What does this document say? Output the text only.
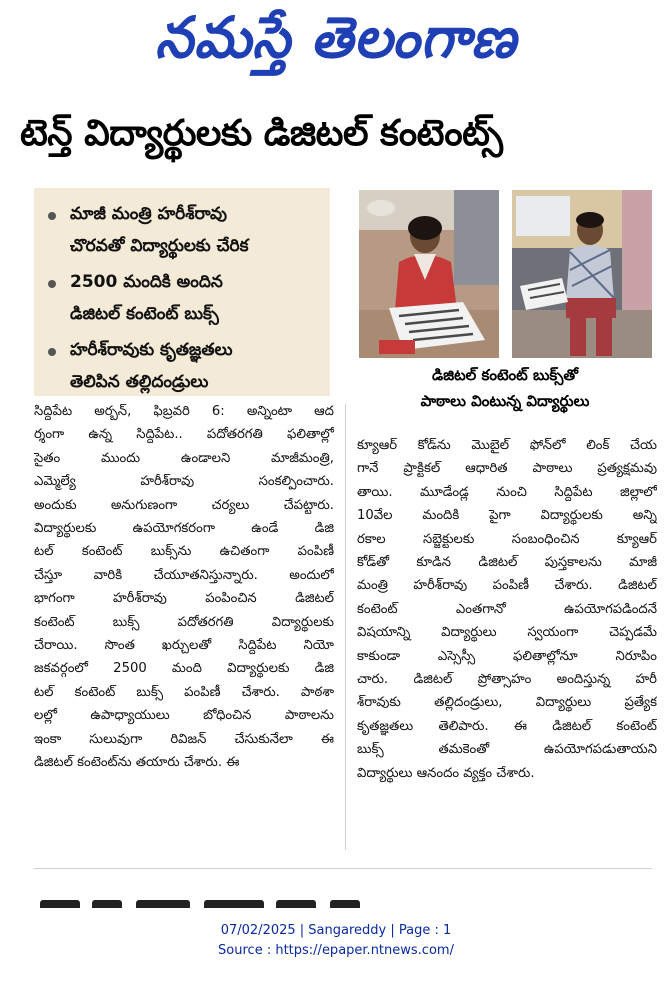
నమస్తే తెలంగాణ
టెన్త్ విద్యార్థులకు డిజిటల్ కంటెంట్స్
మాజీ మంత్రి హరీశ్‌రావు
చొరవతో విద్యార్థులకు చేరిక
2500 మందికి అందిన
డిజిటల్ కంటెంట్ బుక్స్
హరీశ్‌రావుకు కృతజ్ఞతలు
తెలిపిన తల్లిదండ్రులు	డిజిటల్ కంటెంట్ బుక్స్‌తో
పాఠాలు వింటున్న విద్యార్థులు
సిద్దిపేట అర్బన్, ఫిబ్రవరి 6: అన్నింటా ఆద
ర్శంగా ఉన్న సిద్దిపేట.. పదోతరగతి ఫలితాల్లో
సైతం ముందు ఉండాలని మాజీమంత్రి,
ఎమ్మెల్యే హరీశ్‌రావు సంకల్పించారు.
అందుకు అనుగుణంగా చర్యలు చేపట్టారు.
విద్యార్థులకు ఉపయోగకరంగా ఉండే డిజి
టల్ కంటెంట్ బుక్స్‌ను ఉచితంగా పంపిణీ
చేస్తూ వారికి చేయూతనిస్తున్నారు. అందులో
భాగంగా హరీశ్‌రావు పంపించిన డిజిటల్
కంటెంట్ బుక్స్ పదోతరగతి విద్యార్థులకు
చేరాయి. సొంత ఖర్చులతో సిద్దిపేట నియో
జకవర్గంలో 2500 మంది విద్యార్థులకు డిజి
టల్ కంటెంట్ బుక్స్ పంపిణీ చేశారు. పాఠశా
లల్లో ఉపాధ్యాయులు బోధించిన పాఠాలను
ఇంకా సులువుగా రివిజన్ చేసుకునేలా ఈ
డిజిటల్ కంటెంట్‌ను తయారు చేశారు. ఈ
క్యూఆర్ కోడ్‌ను మొబైల్ ఫోన్‌లో లింక్ చేయ
గానే ప్రాక్టికల్ ఆధారిత పాఠాలు ప్రత్యక్షమవు
తాయి. మూడేండ్ల నుంచి సిద్దిపేట జిల్లాలో
10వేల మందికి పైగా విద్యార్థులకు అన్ని
రకాల సబ్జెక్టులకు సంబంధించిన క్యూఆర్
కోడ్‌తో కూడిన డిజిటల్ పుస్తకాలను మాజీ
మంత్రి హరీశ్‌రావు పంపిణీ చేశారు. డిజిటల్
కంటెంట్ ఎంతగానో ఉపయోగపడిందనే
విషయాన్ని విద్యార్థులు స్వయంగా చెప్పడమే
కాకుండా ఎస్సెస్సీ ఫలితాల్లోనూ నిరూపిం
చారు. డిజిటల్ ప్రోత్సాహం అందిస్తున్న హరీ
శ్‌రావుకు తల్లిదండ్రులు, విద్యార్థులు ప్రత్యేక
కృతజ్ఞతలు తెలిపారు. ఈ డిజిటల్ కంటెంట్
బుక్స్ తమకెంతో ఉపయోగపడుతాయని
విద్యార్థులు ఆనందం వ్యక్తం చేశారు.
07/02/2025 | Sangareddy | Page : 1
Source : https://epaper.ntnews.com/
